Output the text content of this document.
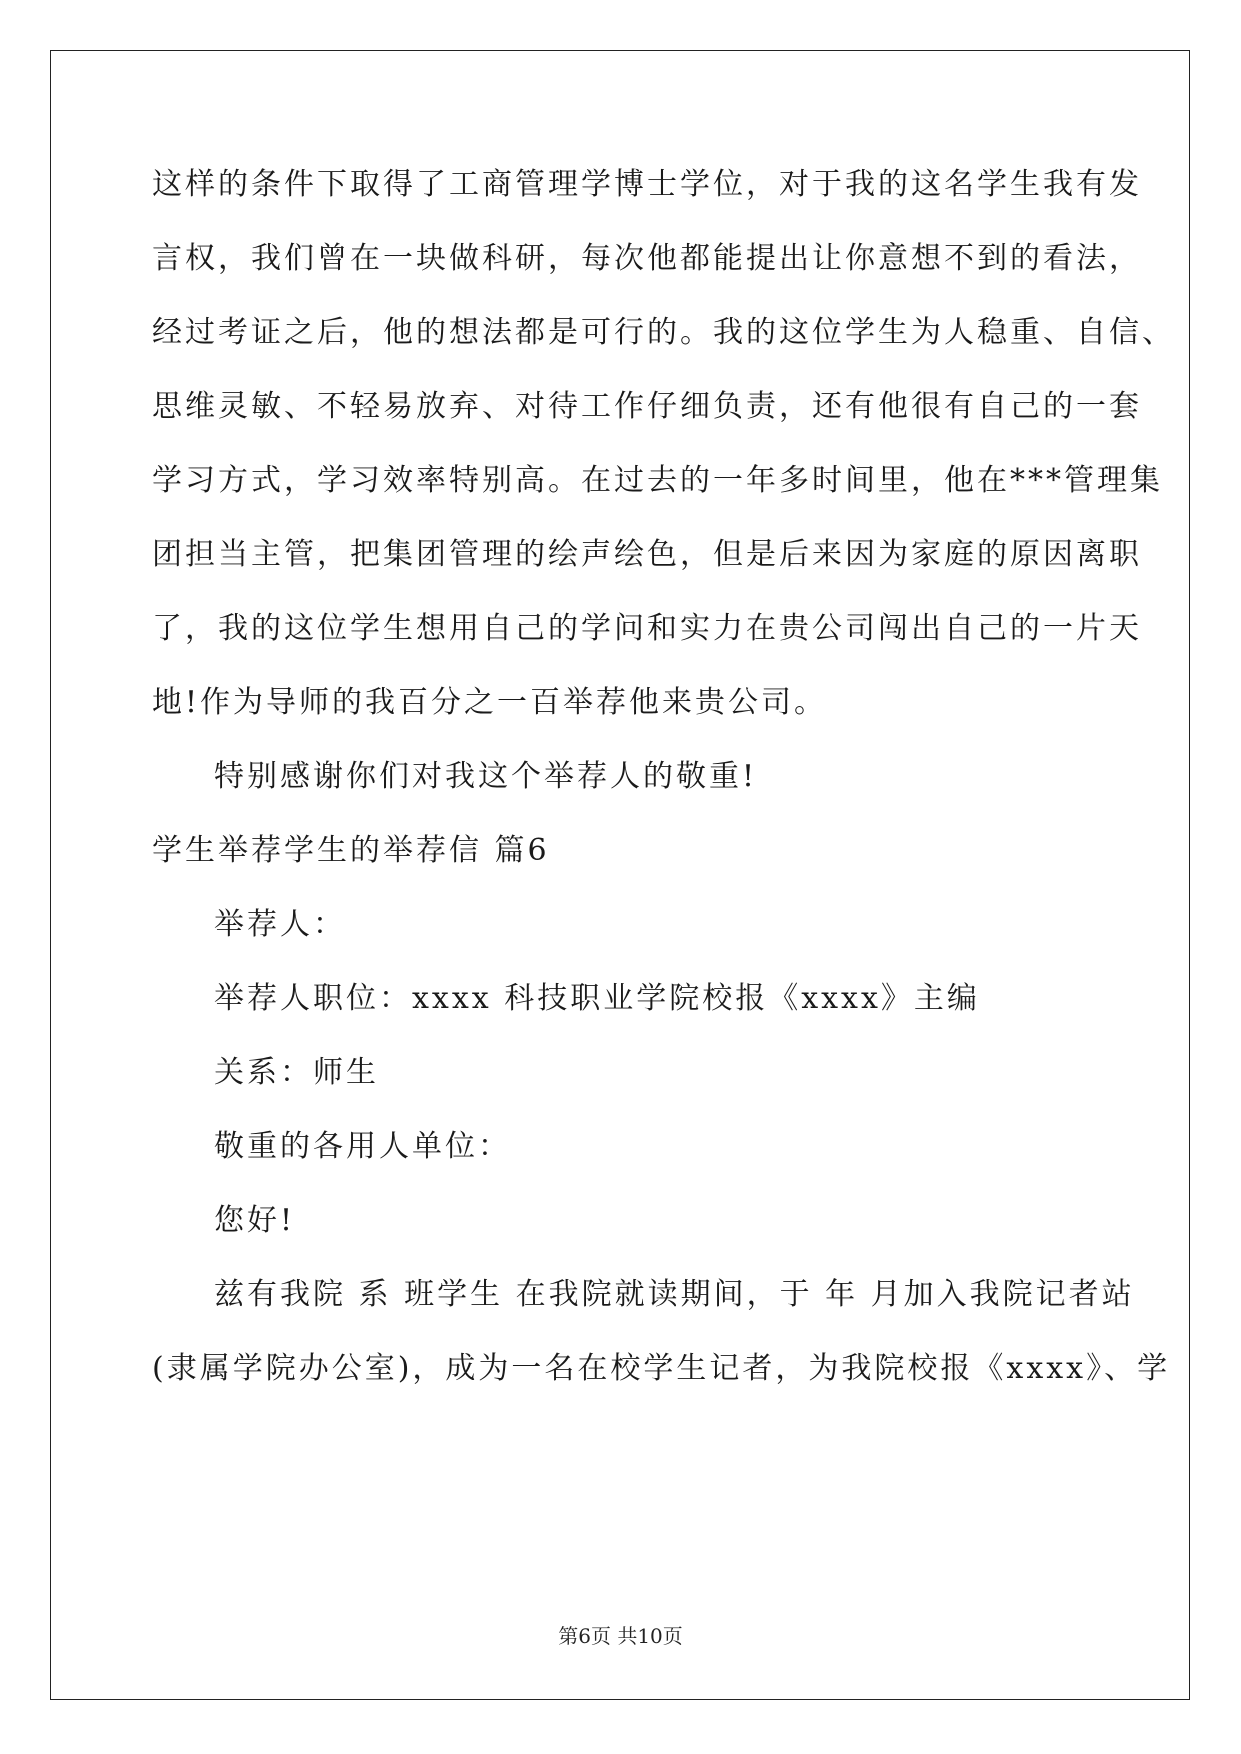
这样的条件下取得了工商管理学博士学位，对于我的这名学生我有发
言权，我们曾在一块做科研，每次他都能提出让你意想不到的看法，
经过考证之后，他的想法都是可行的。我的这位学生为人稳重、自信、
思维灵敏、不轻易放弃、对待工作仔细负责，还有他很有自己的一套
学习方式，学习效率特别高。在过去的一年多时间里，他在***管理集
团担当主管，把集团管理的绘声绘色，但是后来因为家庭的原因离职
了，我的这位学生想用自己的学问和实力在贵公司闯出自己的一片天
地!作为导师的我百分之一百举荐他来贵公司。
特别感谢你们对我这个举荐人的敬重!
学生举荐学生的举荐信 篇6
举荐人：
举荐人职位：xxxx 科技职业学院校报《xxxx》主编
关系：师生
敬重的各用人单位：
您好!
兹有我院 系 班学生 在我院就读期间，于 年 月加入我院记者站
(隶属学院办公室)，成为一名在校学生记者，为我院校报《xxxx》、学
第6页 共10页
